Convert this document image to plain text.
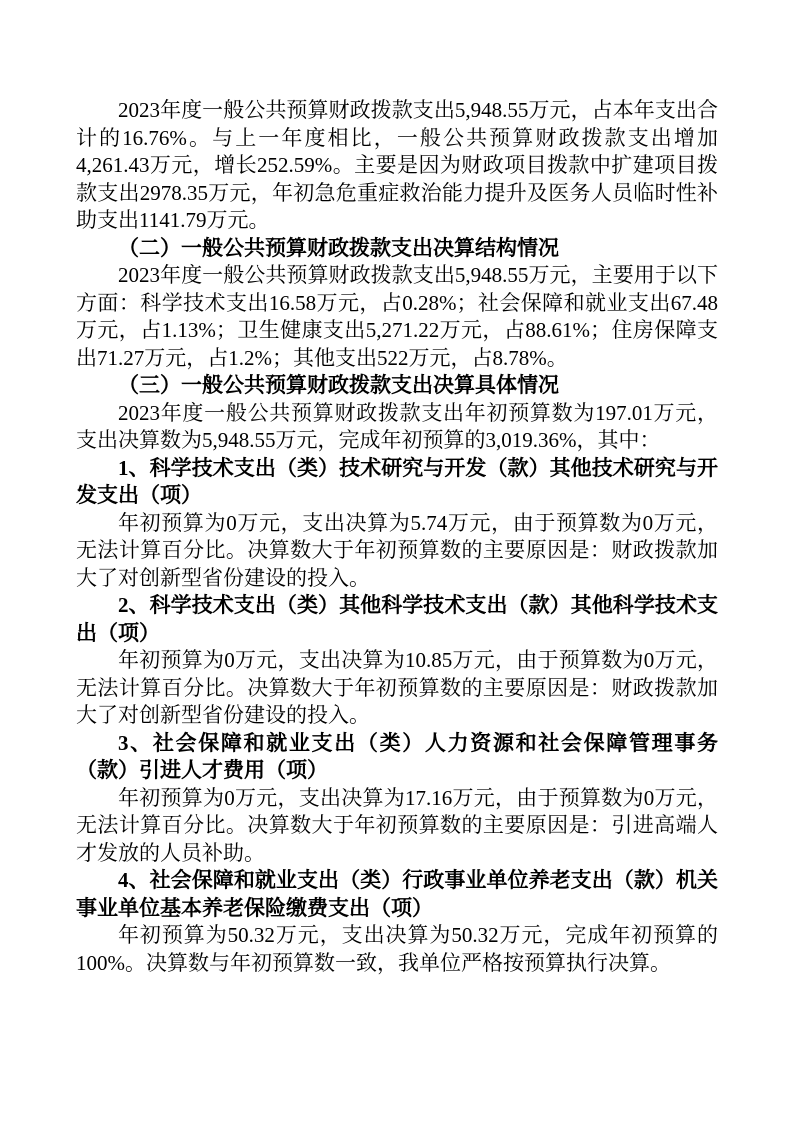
2023年度一般公共预算财政拨款支出5,948.55万元，占本年支出合计的16.76%。与上一年度相比，一般公共预算财政拨款支出增加4,261.43万元，增长252.59%。主要是因为财政项目拨款中扩建项目拨款支出2978.35万元，年初急危重症救治能力提升及医务人员临时性补助支出1141.79万元。

（二）一般公共预算财政拨款支出决算结构情况

2023年度一般公共预算财政拨款支出5,948.55万元，主要用于以下方面：科学技术支出16.58万元，占0.28%；社会保障和就业支出67.48万元，占1.13%；卫生健康支出5,271.22万元，占88.61%；住房保障支出71.27万元，占1.2%；其他支出522万元，占8.78%。

（三）一般公共预算财政拨款支出决算具体情况

2023年度一般公共预算财政拨款支出年初预算数为197.01万元，支出决算数为5,948.55万元，完成年初预算的3,019.36%，其中：

1、科学技术支出（类）技术研究与开发（款）其他技术研究与开发支出（项）

年初预算为0万元，支出决算为5.74万元，由于预算数为0万元，无法计算百分比。决算数大于年初预算数的主要原因是：财政拨款加大了对创新型省份建设的投入。

2、科学技术支出（类）其他科学技术支出（款）其他科学技术支出（项）

年初预算为0万元，支出决算为10.85万元，由于预算数为0万元，无法计算百分比。决算数大于年初预算数的主要原因是：财政拨款加大了对创新型省份建设的投入。

3、社会保障和就业支出（类）人力资源和社会保障管理事务（款）引进人才费用（项）

年初预算为0万元，支出决算为17.16万元，由于预算数为0万元，无法计算百分比。决算数大于年初预算数的主要原因是：引进高端人才发放的人员补助。

4、社会保障和就业支出（类）行政事业单位养老支出（款）机关事业单位基本养老保险缴费支出（项）

年初预算为50.32万元，支出决算为50.32万元，完成年初预算的100%。决算数与年初预算数一致，我单位严格按预算执行决算。
